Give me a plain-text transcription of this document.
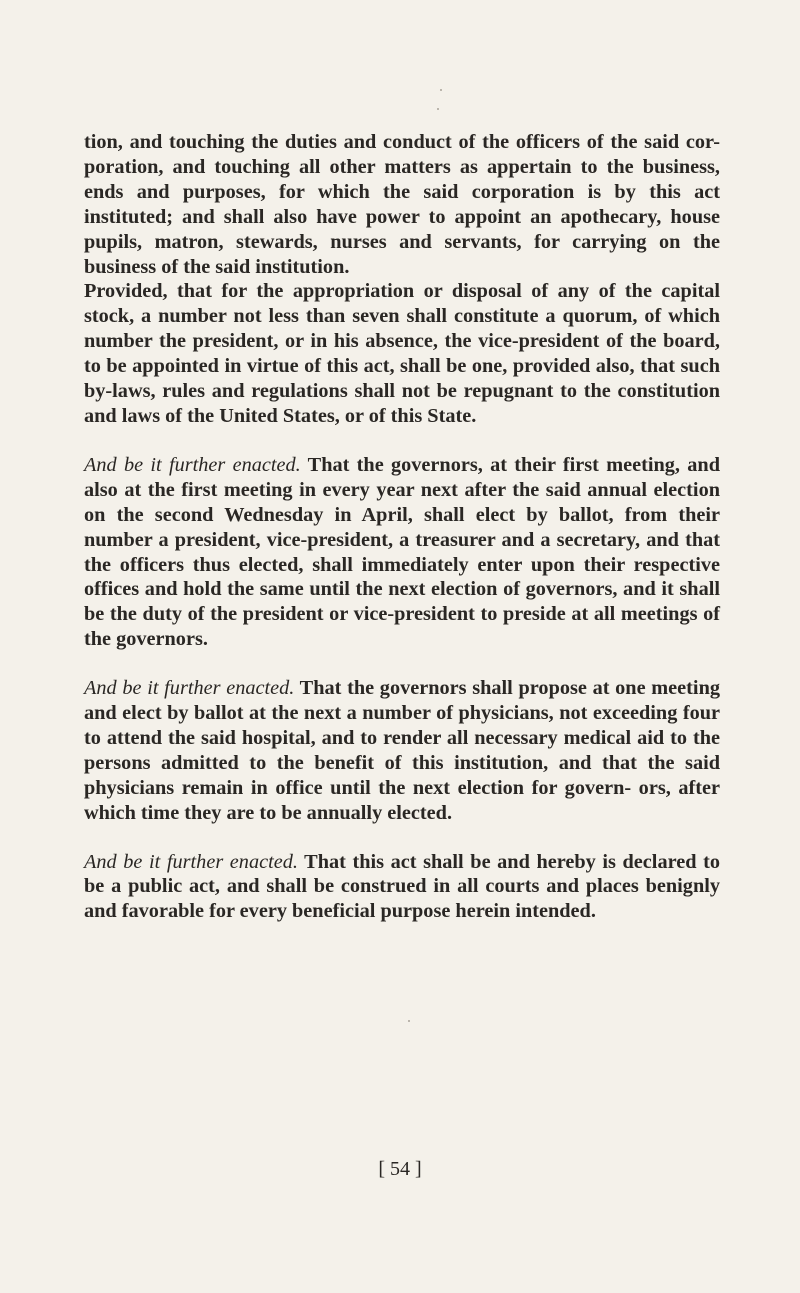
tion, and touching the duties and conduct of the officers of the said cor- poration, and touching all other matters as appertain to the business, ends and purposes, for which the said corporation is by this act instituted; and shall also have power to appoint an apothecary, house pupils, matron, stewards, nurses and servants, for carrying on the business of the said institution.

Provided, that for the appropriation or disposal of any of the capital stock, a number not less than seven shall constitute a quorum, of which number the president, or in his absence, the vice-president of the board, to be appointed in virtue of this act, shall be one, provided also, that such by-laws, rules and regulations shall not be repugnant to the constitution and laws of the United States, or of this State.

And be it further enacted. That the governors, at their first meeting, and also at the first meeting in every year next after the said annual election on the second Wednesday in April, shall elect by ballot, from their number a president, vice-president, a treasurer and a secretary, and that the officers thus elected, shall immediately enter upon their respective offices and hold the same until the next election of governors, and it shall be the duty of the president or vice-president to preside at all meetings of the governors.

And be it further enacted. That the governors shall propose at one meeting and elect by ballot at the next a number of physicians, not exceeding four to attend the said hospital, and to render all necessary medical aid to the persons admitted to the benefit of this institution, and that the said physicians remain in office until the next election for govern- ors, after which time they are to be annually elected.

And be it further enacted. That this act shall be and hereby is declared to be a public act, and shall be construed in all courts and places benignly and favorable for every beneficial purpose herein intended.

[ 54 ]
